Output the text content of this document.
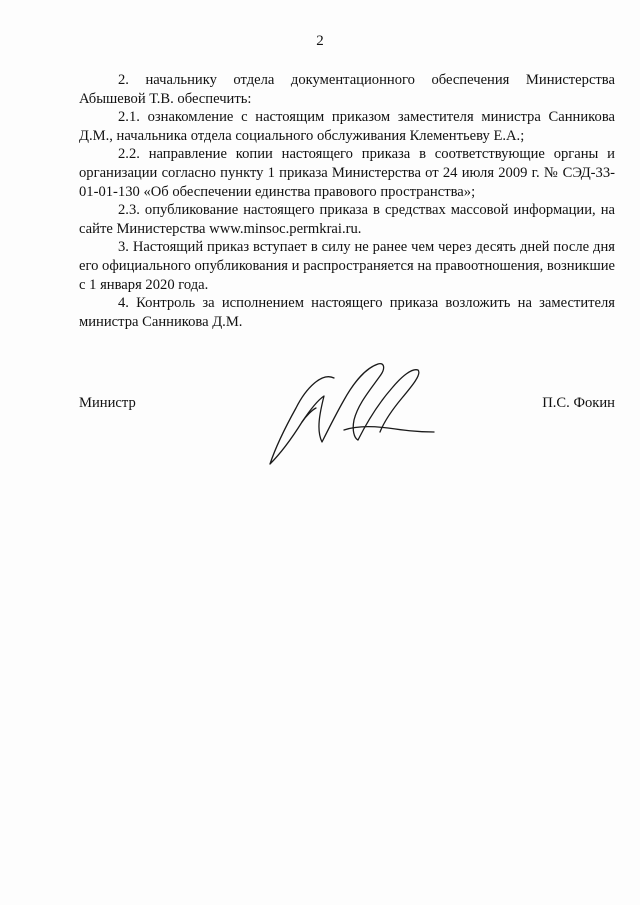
2

2. начальнику отдела документационного обеспечения Министерства Абышевой Т.В. обеспечить:

2.1. ознакомление с настоящим приказом заместителя министра Санникова Д.М., начальника отдела социального обслуживания Клементьеву Е.А.;

2.2. направление копии настоящего приказа в соответствующие органы и организации согласно пункту 1 приказа Министерства от 24 июля 2009 г. № СЭД-33-01-01-130 «Об обеспечении единства правового пространства»;

2.3. опубликование настоящего приказа в средствах массовой информации, на сайте Министерства www.minsoc.permkrai.ru.

3. Настоящий приказ вступает в силу не ранее чем через десять дней после дня его официального опубликования и распространяется на правоотношения, возникшие с 1 января 2020 года.

4. Контроль за исполнением настоящего приказа возложить на заместителя министра Санникова Д.М.

Министр	П.С. Фокин
